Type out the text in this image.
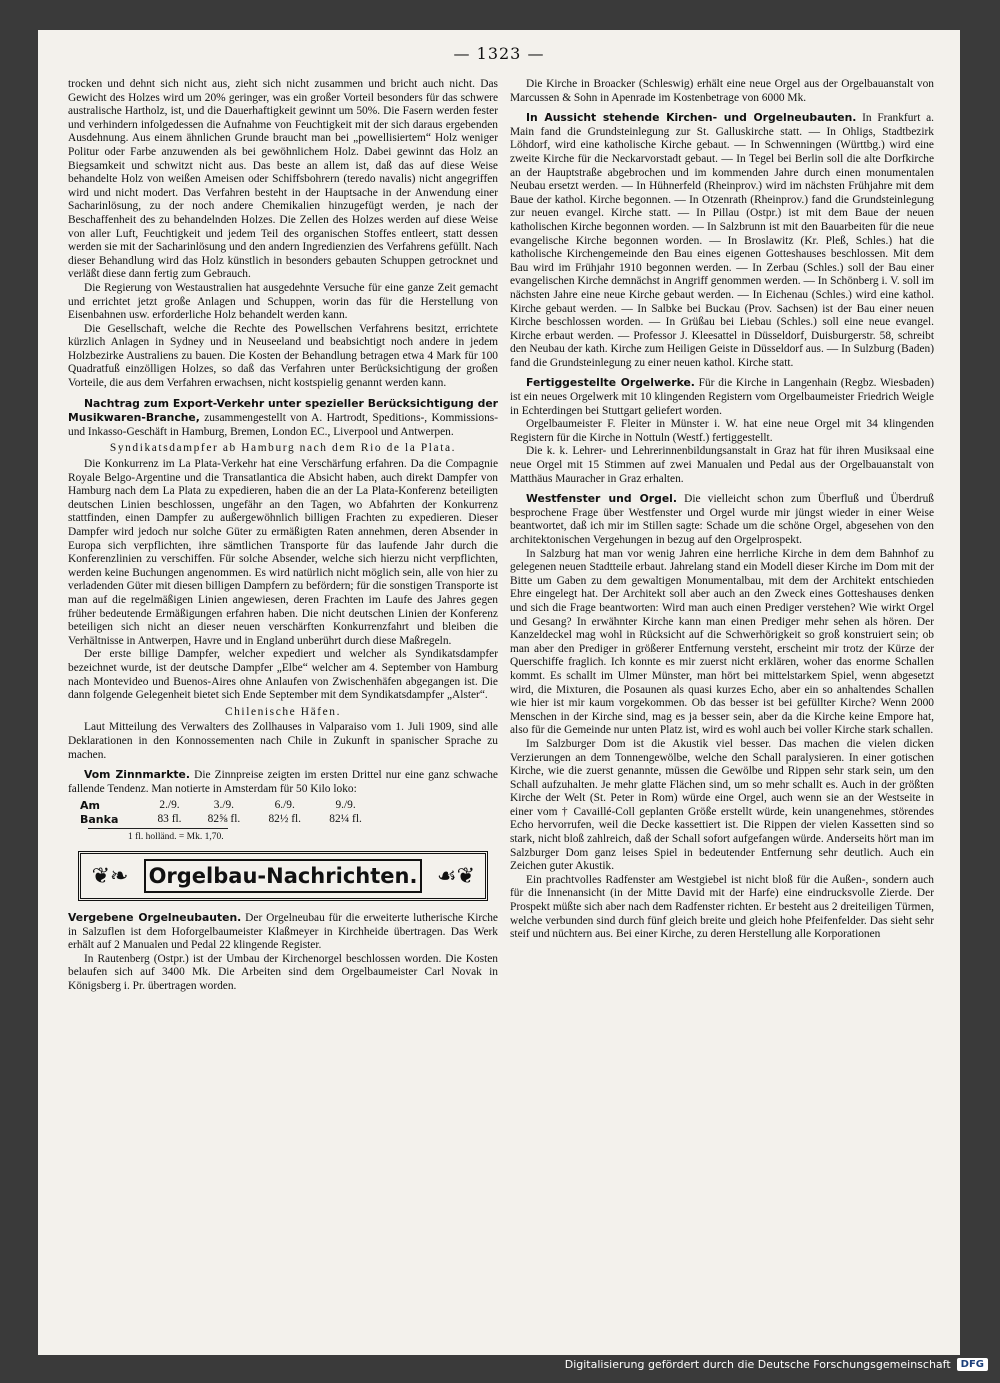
— 1323 —

trocken und dehnt sich nicht aus, zieht sich nicht zusammen und bricht auch nicht. Das Gewicht des Holzes wird um 20% geringer, was ein großer Vorteil besonders für das schwere australische Hartholz, ist, und die Dauerhaftigkeit gewinnt um 50%. Die Fasern werden fester und verhindern infolgedessen die Aufnahme von Feuchtigkeit mit der sich daraus ergebenden Ausdehnung. Aus einem ähnlichen Grunde braucht man bei „powellisiertem“ Holz weniger Politur oder Farbe anzuwenden als bei gewöhnlichem Holz. Dabei gewinnt das Holz an Biegsamkeit und schwitzt nicht aus. Das beste an allem ist, daß das auf diese Weise behandelte Holz von weißen Ameisen oder Schiffsbohrern (teredo navalis) nicht angegriffen wird und nicht modert. Das Verfahren besteht in der Hauptsache in der Anwendung einer Sacharinlösung, zu der noch andere Chemikalien hinzugefügt werden, je nach der Beschaffenheit des zu behandelnden Holzes. Die Zellen des Holzes werden auf diese Weise von aller Luft, Feuchtigkeit und jedem Teil des organischen Stoffes entleert, statt dessen werden sie mit der Sacharinlösung und den andern Ingredienzien des Verfahrens gefüllt. Nach dieser Behandlung wird das Holz künstlich in besonders gebauten Schuppen getrocknet und verläßt diese dann fertig zum Gebrauch.

Die Regierung von Westaustralien hat ausgedehnte Versuche für eine ganze Zeit gemacht und errichtet jetzt große Anlagen und Schuppen, worin das für die Herstellung von Eisenbahnen usw. erforderliche Holz behandelt werden kann.

Die Gesellschaft, welche die Rechte des Powellschen Verfahrens besitzt, errichtete kürzlich Anlagen in Sydney und in Neuseeland und beabsichtigt noch andere in jedem Holzbezirke Australiens zu bauen. Die Kosten der Behandlung betragen etwa 4 Mark für 100 Quadratfuß einzölligen Holzes, so daß das Verfahren unter Berücksichtigung der großen Vorteile, die aus dem Verfahren erwachsen, nicht kostspielig genannt werden kann.

Nachtrag zum Export-Verkehr unter spezieller Berücksichtigung der Musikwaren-Branche, zusammengestellt von A. Hartrodt, Speditions-, Kommissions- und Inkasso-Geschäft in Hamburg, Bremen, London EC., Liverpool und Antwerpen.

Syndikatsdampfer ab Hamburg nach dem Rio de la Plata.

Die Konkurrenz im La Plata-Verkehr hat eine Verschärfung erfahren. Da die Compagnie Royale Belgo-Argentine und die Transatlantica die Absicht haben, auch direkt Dampfer von Hamburg nach dem La Plata zu expedieren, haben die an der La Plata-Konferenz beteiligten deutschen Linien beschlossen, ungefähr an den Tagen, wo Abfahrten der Konkurrenz stattfinden, einen Dampfer zu außergewöhnlich billigen Frachten zu expedieren. Dieser Dampfer wird jedoch nur solche Güter zu ermäßigten Raten annehmen, deren Absender in Europa sich verpflichten, ihre sämtlichen Transporte für das laufende Jahr durch die Konferenzlinien zu verschiffen. Für solche Absender, welche sich hierzu nicht verpflichten, werden keine Buchungen angenommen. Es wird natürlich nicht möglich sein, alle von hier zu verladenden Güter mit diesen billigen Dampfern zu befördern; für die sonstigen Transporte ist man auf die regelmäßigen Linien angewiesen, deren Frachten im Laufe des Jahres gegen früher bedeutende Ermäßigungen erfahren haben. Die nicht deutschen Linien der Konferenz beteiligen sich nicht an dieser neuen verschärften Konkurrenzfahrt und bleiben die Verhältnisse in Antwerpen, Havre und in England unberührt durch diese Maßregeln.

Der erste billige Dampfer, welcher expediert und welcher als Syndikatsdampfer bezeichnet wurde, ist der deutsche Dampfer „Elbe“ welcher am 4. September von Hamburg nach Montevideo und Buenos-Aires ohne Anlaufen von Zwischenhäfen abgegangen ist. Die dann folgende Gelegenheit bietet sich Ende September mit dem Syndikatsdampfer „Alster“.

Chilenische Häfen.

Laut Mitteilung des Verwalters des Zollhauses in Valparaiso vom 1. Juli 1909, sind alle Deklarationen in den Konnossementen nach Chile in Zukunft in spanischer Sprache zu machen.

Vom Zinnmarkte. Die Zinnpreise zeigten im ersten Drittel nur eine ganz schwache fallende Tendenz. Man notierte in Amsterdam für 50 Kilo loko:

Am	2./9.	3./9.	6./9.	9./9.
Banka	83 fl.	82⅝ fl.	82½ fl.	82¼ fl.
1 fl. holländ. = Mk. 1,70.
❦❧	☙❦
Orgelbau-Nachrichten.

Vergebene Orgelneubauten. Der Orgelneubau für die erweiterte lutherische Kirche in Salzuflen ist dem Hoforgelbaumeister Klaßmeyer in Kirchheide übertragen. Das Werk erhält auf 2 Manualen und Pedal 22 klingende Register.

In Rautenberg (Ostpr.) ist der Umbau der Kirchenorgel beschlossen worden. Die Kosten belaufen sich auf 3400 Mk. Die Arbeiten sind dem Orgelbaumeister Carl Novak in Königsberg i. Pr. übertragen worden.

Die Kirche in Broacker (Schleswig) erhält eine neue Orgel aus der Orgelbauanstalt von Marcussen & Sohn in Apenrade im Kostenbetrage von 6000 Mk.

In Aussicht stehende Kirchen- und Orgelneubauten. In Frankfurt a. Main fand die Grundsteinlegung zur St. Galluskirche statt. — In Ohligs, Stadtbezirk Löhdorf, wird eine katholische Kirche gebaut. — In Schwenningen (Württbg.) wird eine zweite Kirche für die Neckarvorstadt gebaut. — In Tegel bei Berlin soll die alte Dorfkirche an der Hauptstraße abgebrochen und im kommenden Jahre durch einen monumentalen Neubau ersetzt werden. — In Hühnerfeld (Rheinprov.) wird im nächsten Frühjahre mit dem Baue der kathol. Kirche begonnen. — In Otzenrath (Rheinprov.) fand die Grundsteinlegung zur neuen evangel. Kirche statt. — In Pillau (Ostpr.) ist mit dem Baue der neuen katholischen Kirche begonnen worden. — In Salzbrunn ist mit den Bauarbeiten für die neue evangelische Kirche begonnen worden. — In Broslawitz (Kr. Pleß, Schles.) hat die katholische Kirchengemeinde den Bau eines eigenen Gotteshauses beschlossen. Mit dem Bau wird im Frühjahr 1910 begonnen werden. — In Zerbau (Schles.) soll der Bau einer evangelischen Kirche demnächst in Angriff genommen werden. — In Schönberg i. V. soll im nächsten Jahre eine neue Kirche gebaut werden. — In Eichenau (Schles.) wird eine kathol. Kirche gebaut werden. — In Salbke bei Buckau (Prov. Sachsen) ist der Bau einer neuen Kirche beschlossen worden. — In Grüßau bei Liebau (Schles.) soll eine neue evangel. Kirche erbaut werden. — Professor J. Kleesattel in Düsseldorf, Duisburgerstr. 58, schreibt den Neubau der kath. Kirche zum Heiligen Geiste in Düsseldorf aus. — In Sulzburg (Baden) fand die Grundsteinlegung zu einer neuen kathol. Kirche statt.

Fertiggestellte Orgelwerke. Für die Kirche in Langenhain (Regbz. Wiesbaden) ist ein neues Orgelwerk mit 10 klingenden Registern vom Orgelbaumeister Friedrich Weigle in Echterdingen bei Stuttgart geliefert worden.

Orgelbaumeister F. Fleiter in Münster i. W. hat eine neue Orgel mit 34 klingenden Registern für die Kirche in Nottuln (Westf.) fertiggestellt.

Die k. k. Lehrer- und Lehrerinnenbildungsanstalt in Graz hat für ihren Musiksaal eine neue Orgel mit 15 Stimmen auf zwei Manualen und Pedal aus der Orgelbauanstalt von Matthäus Mauracher in Graz erhalten.

Westfenster und Orgel. Die vielleicht schon zum Überfluß und Überdruß besprochene Frage über Westfenster und Orgel wurde mir jüngst wieder in einer Weise beantwortet, daß ich mir im Stillen sagte: Schade um die schöne Orgel, abgesehen von den architektonischen Vergehungen in bezug auf den Orgelprospekt.

In Salzburg hat man vor wenig Jahren eine herrliche Kirche in dem dem Bahnhof zu gelegenen neuen Stadtteile erbaut. Jahrelang stand ein Modell dieser Kirche im Dom mit der Bitte um Gaben zu dem gewaltigen Monumentalbau, mit dem der Architekt entschieden Ehre eingelegt hat. Der Architekt soll aber auch an den Zweck eines Gotteshauses denken und sich die Frage beantworten: Wird man auch einen Prediger verstehen? Wie wirkt Orgel und Gesang? In erwähnter Kirche kann man einen Prediger mehr sehen als hören. Der Kanzeldeckel mag wohl in Rücksicht auf die Schwerhörigkeit so groß konstruiert sein; ob man aber den Prediger in größerer Entfernung versteht, erscheint mir trotz der Kürze der Querschiffe fraglich. Ich konnte es mir zuerst nicht erklären, woher das enorme Schallen kommt. Es schallt im Ulmer Münster, man hört bei mittelstarkem Spiel, wenn abgesetzt wird, die Mixturen, die Posaunen als quasi kurzes Echo, aber ein so anhaltendes Schallen wie hier ist mir kaum vorgekommen. Ob das besser ist bei gefüllter Kirche? Wenn 2000 Menschen in der Kirche sind, mag es ja besser sein, aber da die Kirche keine Empore hat, also für die Gemeinde nur unten Platz ist, wird es wohl auch bei voller Kirche stark schallen.

Im Salzburger Dom ist die Akustik viel besser. Das machen die vielen dicken Verzierungen an dem Tonnengewölbe, welche den Schall paralysieren. In einer gotischen Kirche, wie die zuerst genannte, müssen die Gewölbe und Rippen sehr stark sein, um den Schall aufzuhalten. Je mehr glatte Flächen sind, um so mehr schallt es. Auch in der größten Kirche der Welt (St. Peter in Rom) würde eine Orgel, auch wenn sie an der Westseite in einer vom † Cavaillé-Coll geplanten Größe erstellt würde, kein unangenehmes, störendes Echo hervorrufen, weil die Decke kassettiert ist. Die Rippen der vielen Kassetten sind so stark, nicht bloß zahlreich, daß der Schall sofort aufgefangen würde. Anderseits hört man im Salzburger Dom ganz leises Spiel in bedeutender Entfernung sehr deutlich. Auch ein Zeichen guter Akustik.

Ein prachtvolles Radfenster am Westgiebel ist nicht bloß für die Außen-, sondern auch für die Innenansicht (in der Mitte David mit der Harfe) eine eindrucksvolle Zierde. Der Prospekt müßte sich aber nach dem Radfenster richten. Er besteht aus 2 dreiteiligen Türmen, welche verbunden sind durch fünf gleich breite und gleich hohe Pfeifenfelder. Das sieht sehr steif und nüchtern aus. Bei einer Kirche, zu deren Herstellung alle Korporationen

Digitalisierung gefördert durch die Deutsche Forschungsgemeinschaft	DFG
